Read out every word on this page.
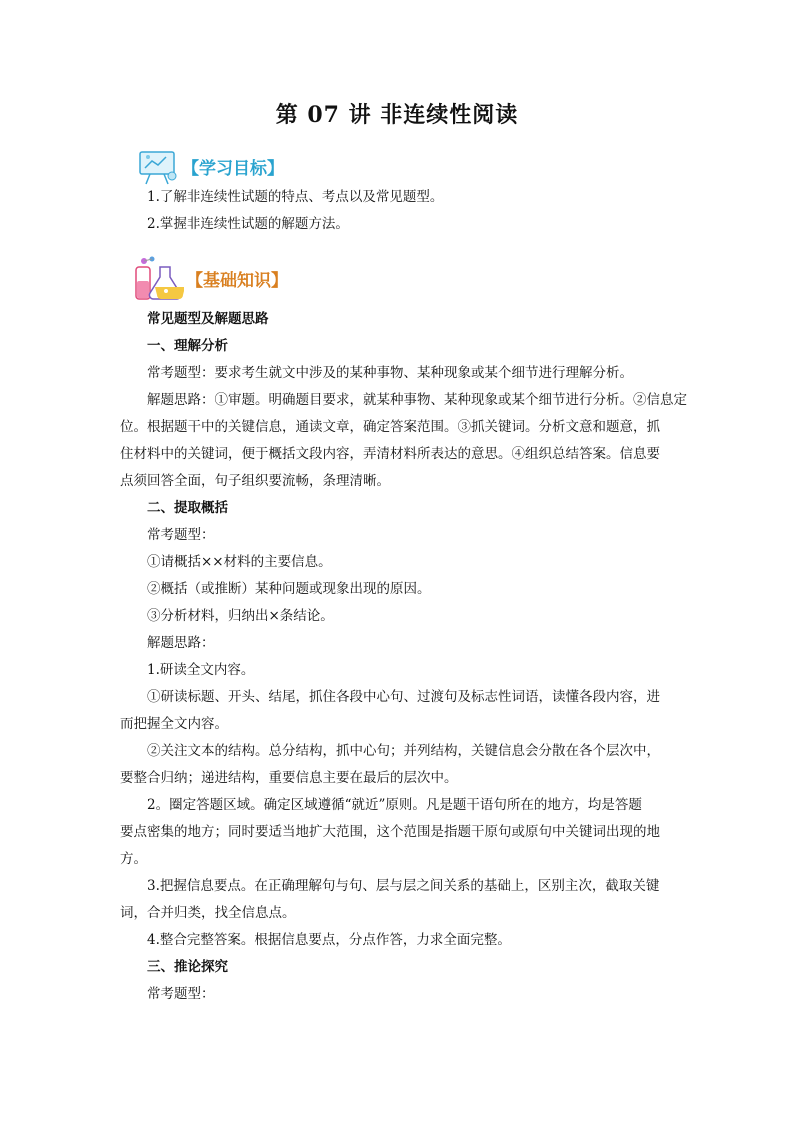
第 07 讲 非连续性阅读
【学习目标】
1.了解非连续性试题的特点、考点以及常见题型。
2.掌握非连续性试题的解题方法。
【基础知识】
常见题型及解题思路
一、理解分析
常考题型：要求考生就文中涉及的某种事物、某种现象或某个细节进行理解分析。
解题思路：①审题。明确题目要求，就某种事物、某种现象或某个细节进行分析。②信息定
位。根据题干中的关键信息，通读文章，确定答案范围。③抓关键词。分析文意和题意，抓
住材料中的关键词，便于概括文段内容，弄清材料所表达的意思。④组织总结答案。信息要
点须回答全面，句子组织要流畅，条理清晰。
二、提取概括
常考题型：
①请概括××材料的主要信息。
②概括（或推断）某种问题或现象出现的原因。
③分析材料，归纳出×条结论。
解题思路：
1.研读全文内容。
①研读标题、开头、结尾，抓住各段中心句、过渡句及标志性词语，读懂各段内容，进
而把握全文内容。
②关注文本的结构。总分结构，抓中心句；并列结构，关键信息会分散在各个层次中，
要整合归纳；递进结构，重要信息主要在最后的层次中。
2。圈定答题区域。确定区域遵循“就近”原则。凡是题干语句所在的地方，均是答题
要点密集的地方；同时要适当地扩大范围，这个范围是指题干原句或原句中关键词出现的地
方。
3.把握信息要点。在正确理解句与句、层与层之间关系的基础上，区别主次，截取关键
词，合并归类，找全信息点。
4.整合完整答案。根据信息要点，分点作答，力求全面完整。
三、推论探究
常考题型：
